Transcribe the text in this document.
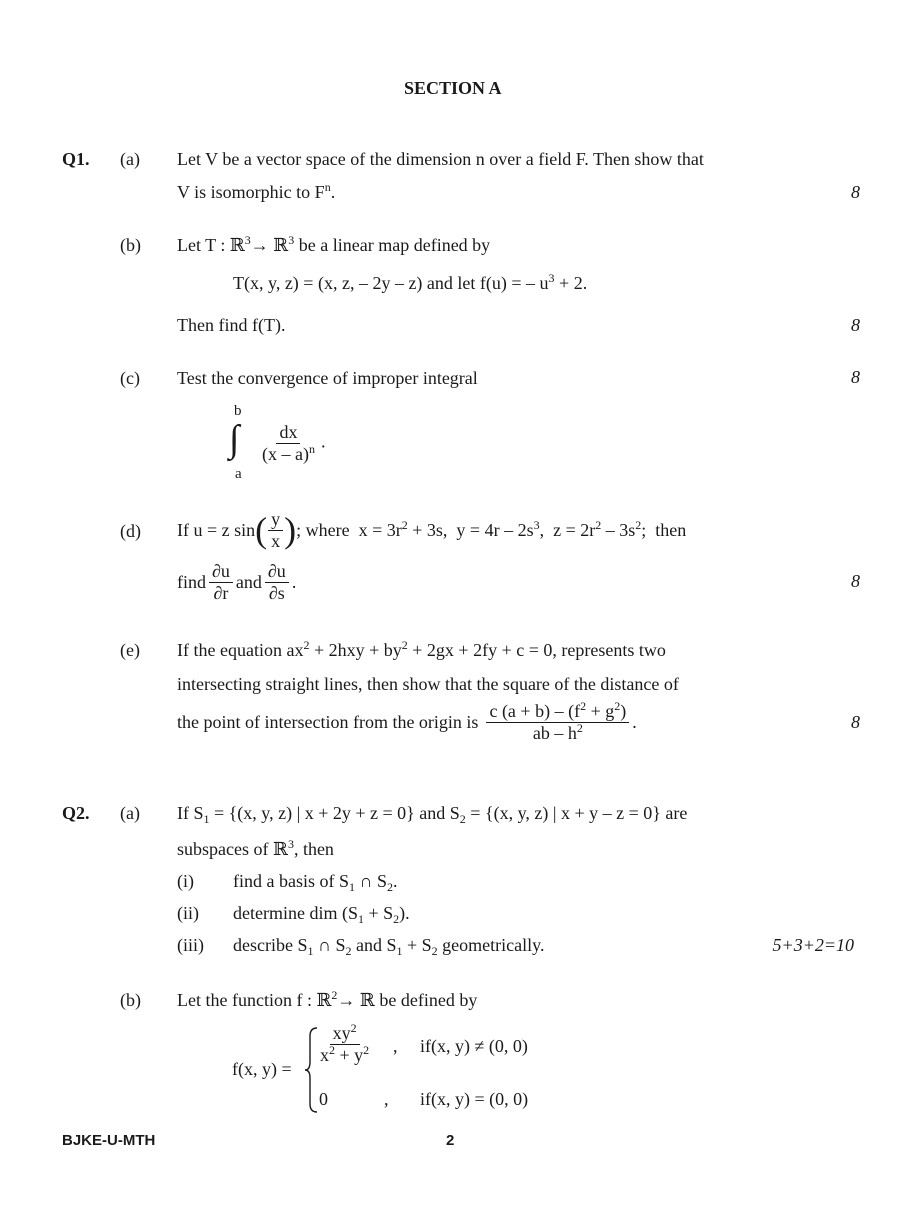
SECTION A
Q1. (a) Let V be a vector space of the dimension n over a field F. Then show that
V is isomorphic to $F^n$.	8
(b) Let T : ℝ$^3$→ ℝ$^3$ be a linear map defined by
T(x, y, z) = (x, z, – 2y – z) and let f(u) = – $u^3 + 2$.
Then find f(T).	8
(c) Test the convergence of improper integral	8
b
∫
a
$\frac{dx}{(x - a)^n}$ .
(d) If u = z sin ( $\frac{y}{x}$ ) ; where  $x = 3r^2 + 3s$,  $y = 4r - 2s^3$,  $z = 2r^2 - 3s^2$;  then
find $\frac{\partial u}{\partial r}$ and $\frac{\partial u}{\partial s}$ .	8
(e) If the equation $ax^2 + 2hxy + by^2 + 2gx + 2fy + c = 0$, represents two
intersecting straight lines, then show that the square of the distance of
the point of intersection from the origin is $\frac{c (a + b) - (f^2 + g^2)}{ab - h^2}$ .	8
Q2. (a) If $S_1 = \{(x$, y, z) | x + 2y + z = 0} and $S_2 = \{(x$, y, z) | x + y – z = 0} are
subspaces of ℝ$^3$, then
(i) find a basis of $S_1$ ∩ $S_2$.
(ii) determine dim $(S_1 + S_2)$.
(iii) describe $S_1$ ∩ $S_2$ and $S_1 + S_2$ geometrically.	5+3+2=10
(b) Let the function f : ℝ$^2$→ ℝ be defined by
f(x, y) =
$\frac{xy^2}{x^2 + y^2}$ , if(x, y) ≠ (0, 0)
0	, if(x, y) = (0, 0)
BJKE-U-MTH	2
